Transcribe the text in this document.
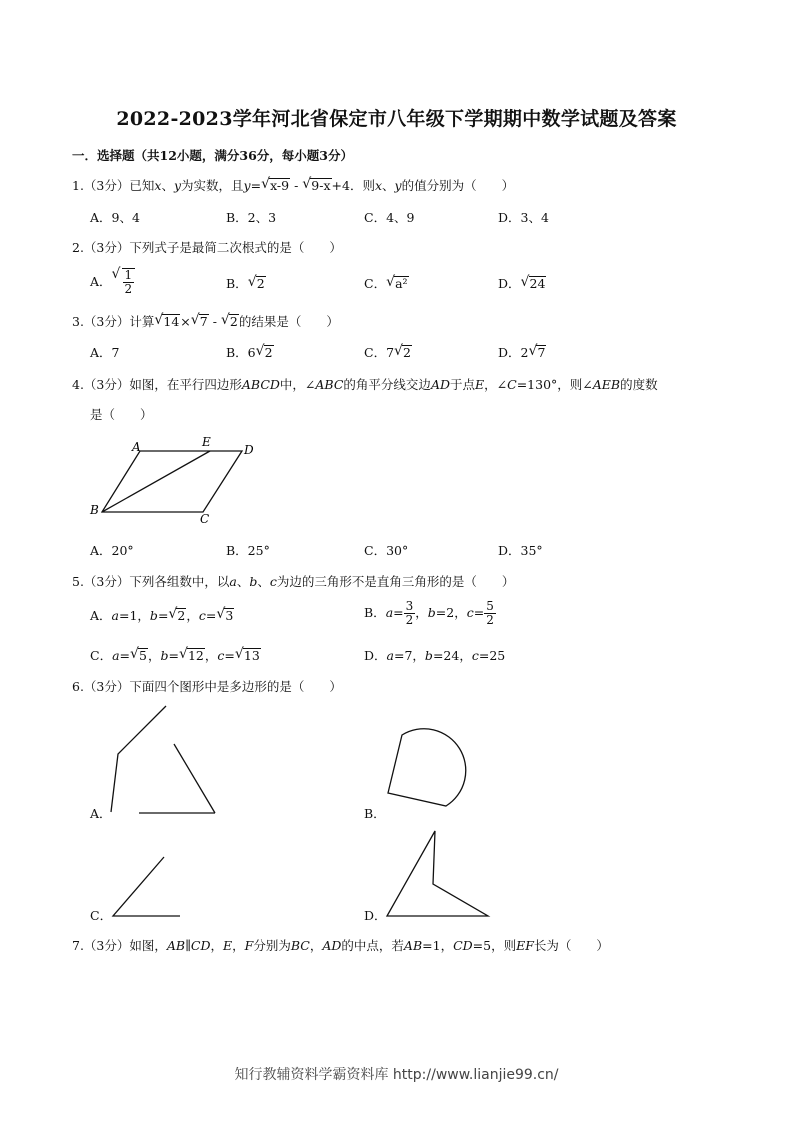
2022-2023学年河北省保定市八年级下学期期中数学试题及答案
一．选择题（共12小题，满分36分，每小题3分）
1.（3分）已知x、y为实数，且y= √ x-9 - √ 9-x+4．则x、y的值分别为（　　）
A．9、4	B．2、3	C．4、9	D．3、4
2.（3分）下列式子是最简二次根式的是（　　）
A． √ $\frac{1}{2}$	B． √ 2	C． √ a²	D． √ 24
3.（3分）计算 √ 14× √ 7 - √ 2的结果是（　　）
A．7	B．6 √ 2	C．7 √ 2	D．2 √ 7
4.（3分）如图，在平行四边形ABCD中，∠ABC的角平分线交边AD于点E，∠C=130°，则∠AEB的度数
是（　　）
A	E
D
B
C
A．20°	B．25°	C．30°	D．35°
5.（3分）下列各组数中，以a、b、c为边的三角形不是直角三角形的是（　　）
A．a=1，b= √ 2，c= √ 3	B．$a= \frac{3}{2}$ ，b=2，$c= \frac{5}{2}$
C．a= √ 5，b= √ 12，c= √ 13	D．a=7，b=24，c=25
6.（3分）下面四个图形中是多边形的是（　　）
A．	B．
C．	D．
7.（3分）如图，AB∥CD，E，F分别为BC，AD的中点，若AB=1，CD=5，则EF长为（　　）
知行教辅资料学霸资料库 http://www.lianjie99.cn/
